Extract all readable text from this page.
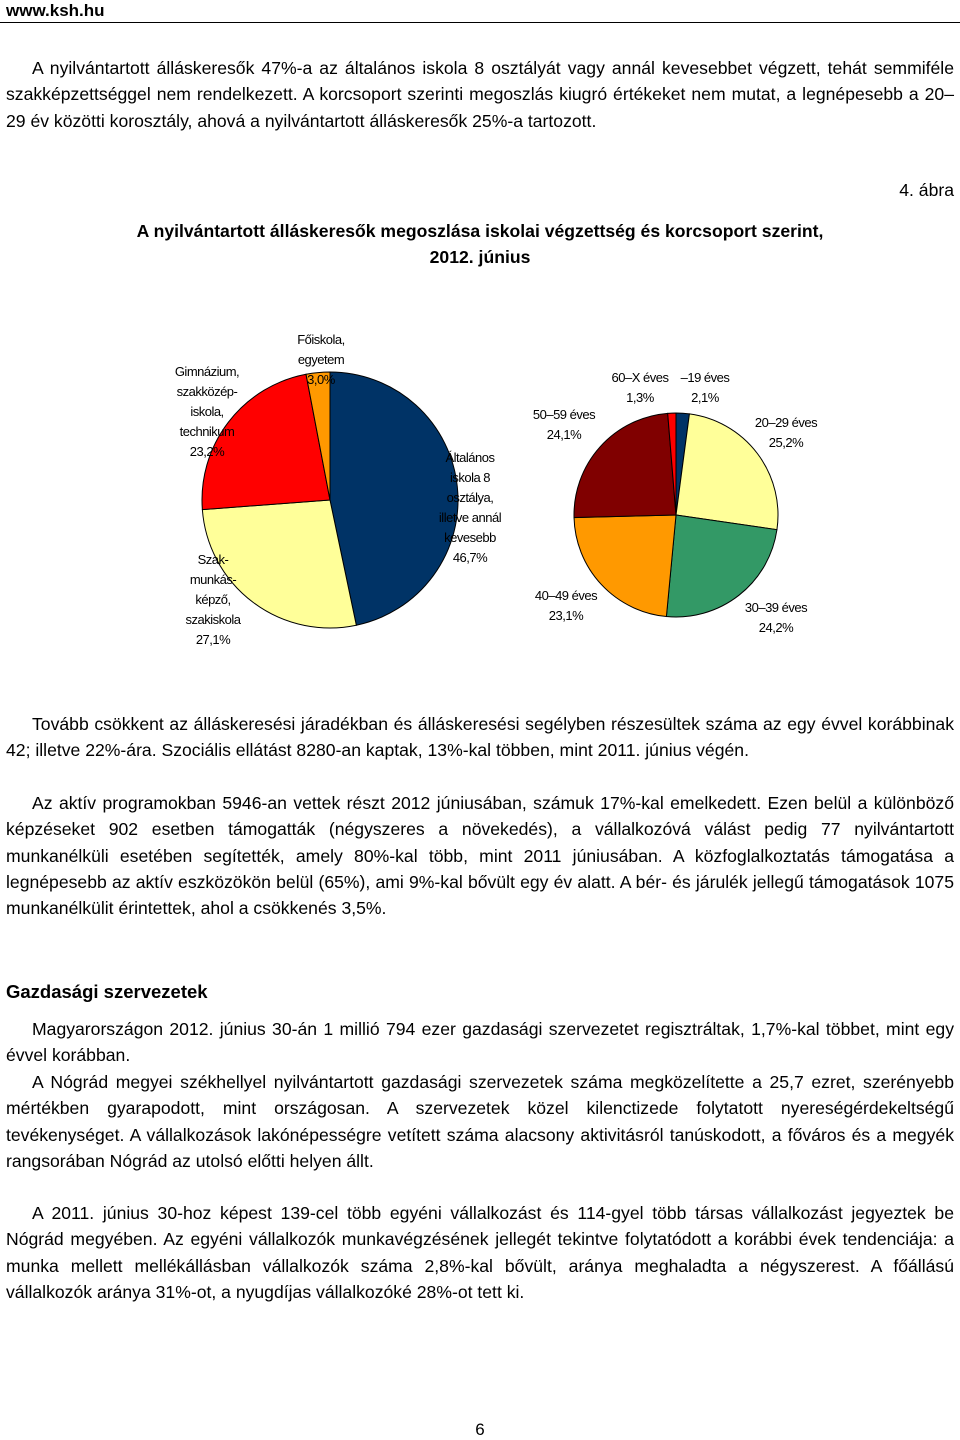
www.ksh.hu

A nyilvántartott álláskeresők 47%-a az általános iskola 8 osztályát vagy annál kevesebbet végzett, tehát semmiféle szakképzettséggel nem rendelkezett. A korcsoport szerinti megoszlás kiugró értékeket nem mutat, a legnépesebb a 20–29 év közötti korosztály, ahová a nyilvántartott álláskeresők 25%-a tartozott.

4. ábra
A nyilvántartott álláskeresők megoszlása iskolai végzettség és korcsoport szerint,
2012. június
Általános
iskola 8
osztálya,
illetve annál
kevesebb
46,7%
Szak-
munkás-
képző,
szakiskola
27,1%
Gimnázium,
szakközép-
iskola,
technikum
23,2%
Főiskola,
egyetem
3,0%	–19 éves
2,1%
20–29 éves
25,2%
30–39 éves
24,2%
40–49 éves
23,1%
50–59 éves
24,1%
60–X éves
1,3%

Tovább csökkent az álláskeresési járadékban és álláskeresési segélyben részesültek száma az egy évvel korábbinak 42; illetve 22%-ára. Szociális ellátást 8280-an kaptak, 13%-kal többen, mint 2011. június végén.

Az aktív programokban 5946-an vettek részt 2012 júniusában, számuk 17%-kal emelkedett. Ezen belül a különböző képzéseket 902 esetben támogatták (négyszeres a növekedés), a vállalkozóvá válást pedig 77 nyilvántartott munkanélküli esetében segítették, amely 80%-kal több, mint 2011 júniusában. A közfoglalkoztatás támogatása a legnépesebb az aktív eszközökön belül (65%), ami 9%-kal bővült egy év alatt. A bér- és járulék jellegű támogatások 1075 munkanélkülit érintettek, ahol a csökkenés 3,5%.

Gazdasági szervezetek

Magyarországon 2012. június 30-án 1 millió 794 ezer gazdasági szervezetet regisztráltak, 1,7%-kal többet, mint egy évvel korábban.

A Nógrád megyei székhellyel nyilvántartott gazdasági szervezetek száma megközelítette a 25,7 ezret, szerényebb mértékben gyarapodott, mint országosan. A szervezetek közel kilenctizede folytatott nyereségérdekeltségű tevékenységet. A vállalkozások lakónépességre vetített száma alacsony aktivitásról tanúskodott, a főváros és a megyék rangsorában Nógrád az utolsó előtti helyen állt.

A 2011. június 30-hoz képest 139-cel több egyéni vállalkozást és 114-gyel több társas vállalkozást jegyeztek be Nógrád megyében. Az egyéni vállalkozók munkavégzésének jellegét tekintve folytatódott a korábbi évek tendenciája: a munka mellett mellékállásban vállalkozók száma 2,8%-kal bővült, aránya meghaladta a négyszerest. A főállású vállalkozók aránya 31%-ot, a nyugdíjas vállalkozóké 28%-ot tett ki.

6
